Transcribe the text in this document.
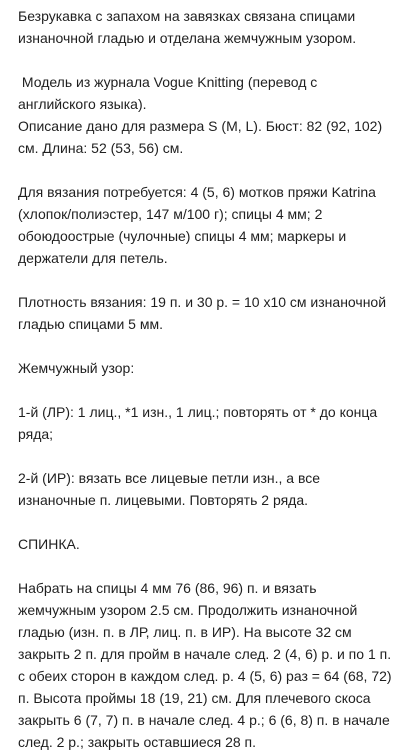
Безрукавка с запахом на завязках связана спицами изнаночной гладью и отделана жемчужным узором.

Модель из журнала Vogue Knitting (перевод с английского языка).

Описание дано для размера S (M, L). Бюст: 82 (92, 102) см. Длина: 52 (53, 56) см.

Для вязания потребуется: 4 (5, 6) мотков пряжи Katrina (хлопок/полиэстер, 147 м/100 г); спицы 4 мм; 2 обоюдоострые (чулочные) спицы 4 мм; маркеры и держатели для петель.

Плотность вязания: 19 п. и 30 р. = 10 х10 см изнаночной гладью спицами 5 мм.

Жемчужный узор:

1-й (ЛР): 1 лиц., *1 изн., 1 лиц.; повторять от * до конца ряда;

2-й (ИР): вязать все лицевые петли изн., а все изнаночные п. лицевыми. Повторять 2 ряда.

СПИНКА.

Набрать на спицы 4 мм 76 (86, 96) п. и вязать жемчужным узором 2.5 см. Продолжить изнаночной гладью (изн. п. в ЛР, лиц. п. в ИР). На высоте 32 см закрыть 2 п. для пройм в начале след. 2 (4, 6) р. и по 1 п. с обеих сторон в каждом след. р. 4 (5, 6) раз = 64 (68, 72) п. Высота проймы 18 (19, 21) см. Для плечевого скоса закрыть 6 (7, 7) п. в начале след. 4 р.; 6 (6, 8) п. в начале след. 2 р.; закрыть оставшиеся 28 п.
